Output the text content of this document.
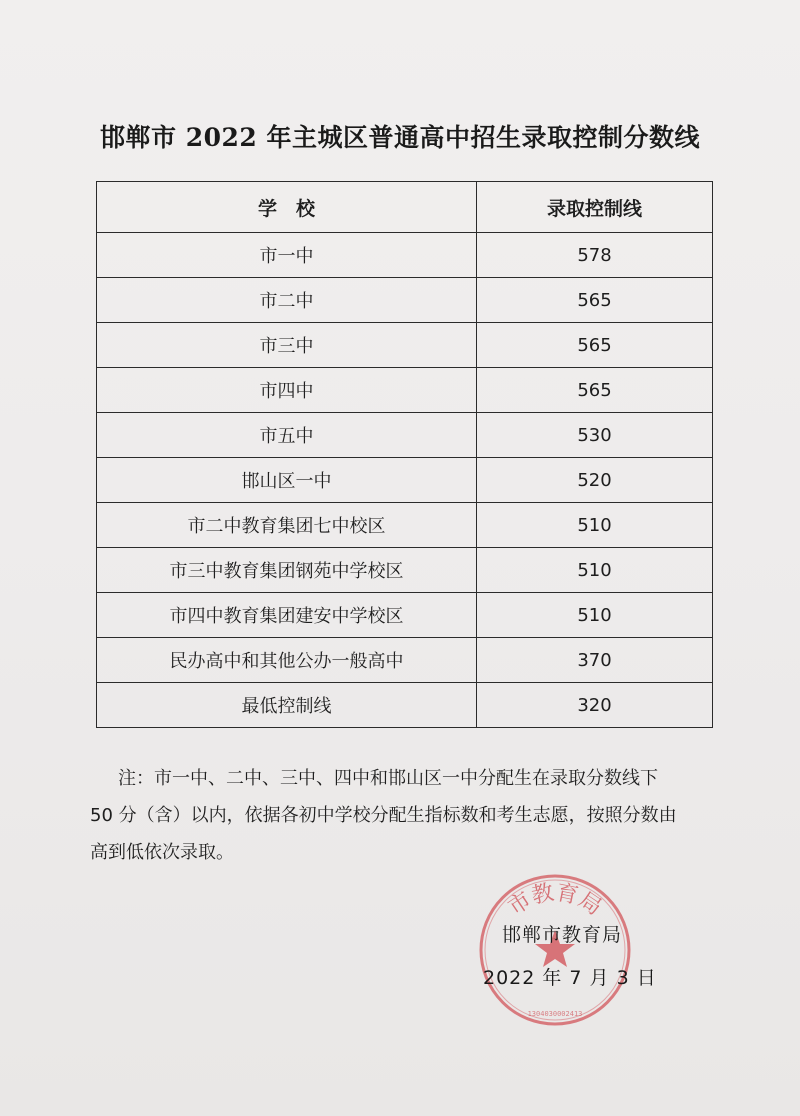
邯郸市 2022 年主城区普通高中招生录取控制分数线
学　校	录取控制线
市一中	578
市二中	565
市三中	565
市四中	565
市五中	530
邯山区一中	520
市二中教育集团七中校区	510
市三中教育集团钢苑中学校区	510
市四中教育集团建安中学校区	510
民办高中和其他公办一般高中	370
最低控制线	320
注：市一中、二中、三中、四中和邯山区一中分配生在录取分数线下
50 分（含）以内，依据各初中学校分配生指标数和考生志愿，按照分数由
高到低依次录取。
市教育局
1304030002413
邯郸市教育局
2022 年 7 月 3 日
